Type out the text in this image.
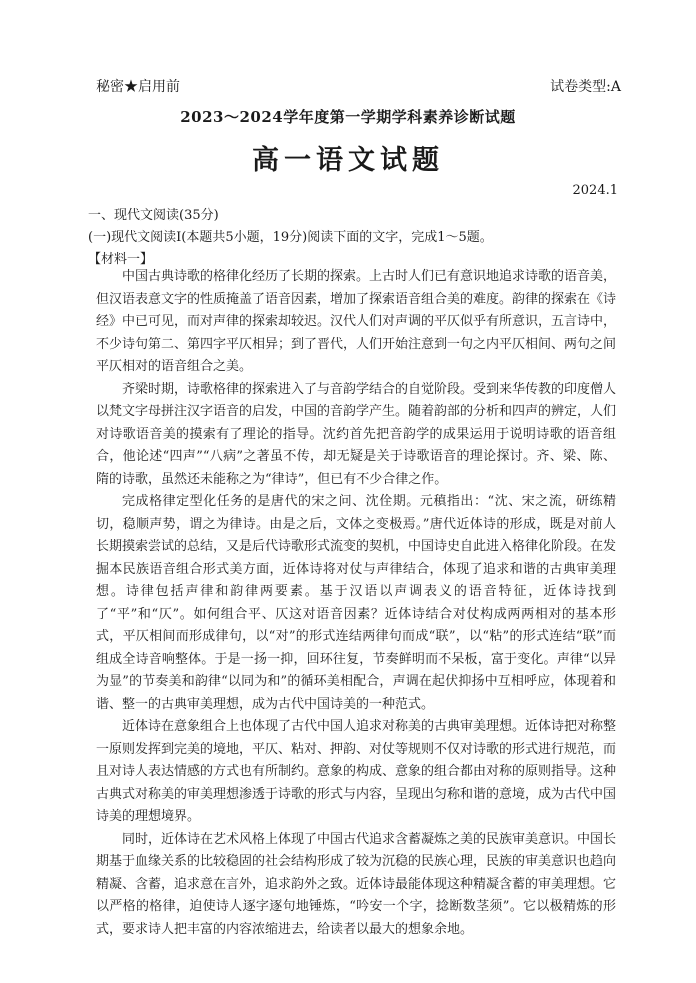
秘密★启用前	试卷类型:A
2023～2024学年度第一学期学科素养诊断试题
高一语文试题
2024.1
一、现代文阅读(35分)
(一)现代文阅读Ⅰ(本题共5小题，19分)阅读下面的文字，完成1～5题。
【材料一】

中国古典诗歌的格律化经历了长期的探索。上古时人们已有意识地追求诗歌的语音美，但汉语表意文字的性质掩盖了语音因素，增加了探索语音组合美的难度。韵律的探索在《诗经》中已可见，而对声律的探索却较迟。汉代人们对声调的平仄似乎有所意识，五言诗中，不少诗句第二、第四字平仄相异；到了晋代，人们开始注意到一句之内平仄相间、两句之间平仄相对的语音组合之美。

齐梁时期，诗歌格律的探索进入了与音韵学结合的自觉阶段。受到来华传教的印度僧人以梵文字母拼注汉字语音的启发，中国的音韵学产生。随着韵部的分析和四声的辨定，人们对诗歌语音美的摸索有了理论的指导。沈约首先把音韵学的成果运用于说明诗歌的语音组合，他论述“四声”“八病”之著虽不传，却无疑是关于诗歌语音的理论探讨。齐、梁、陈、隋的诗歌，虽然还未能称之为“律诗”，但已有不少合律之作。

完成格律定型化任务的是唐代的宋之问、沈佺期。元稹指出：“沈、宋之流，研练精切，稳顺声势，谓之为律诗。由是之后，文体之变极焉。”唐代近体诗的形成，既是对前人长期摸索尝试的总结，又是后代诗歌形式流变的契机，中国诗史自此进入格律化阶段。在发掘本民族语音组合形式美方面，近体诗将对仗与声律结合，体现了追求和谐的古典审美理想。诗律包括声律和韵律两要素。基于汉语以声调表义的语音特征，近体诗找到了“平”和“仄”。如何组合平、仄这对语音因素？近体诗结合对仗构成两两相对的基本形式，平仄相间而形成律句，以“对”的形式连结两律句而成“联”，以“粘”的形式连结“联”而组成全诗音响整体。于是一扬一抑，回环往复，节奏鲜明而不呆板，富于变化。声律“以异为显”的节奏美和韵律“以同为和”的循环美相配合，声调在起伏抑扬中互相呼应，体现着和谐、整一的古典审美理想，成为古代中国诗美的一种范式。

近体诗在意象组合上也体现了古代中国人追求对称美的古典审美理想。近体诗把对称整一原则发挥到完美的境地，平仄、粘对、押韵、对仗等规则不仅对诗歌的形式进行规范，而且对诗人表达情感的方式也有所制约。意象的构成、意象的组合都由对称的原则指导。这种古典式对称美的审美理想渗透于诗歌的形式与内容，呈现出匀称和谐的意境，成为古代中国诗美的理想境界。

同时，近体诗在艺术风格上体现了中国古代追求含蓄凝炼之美的民族审美意识。中国长期基于血缘关系的比较稳固的社会结构形成了较为沉稳的民族心理，民族的审美意识也趋向精凝、含蓄，追求意在言外，追求韵外之致。近体诗最能体现这种精凝含蓄的审美理想。它以严格的格律，迫使诗人逐字逐句地锤炼，“吟安一个字，捻断数茎须”。它以极精炼的形式，要求诗人把丰富的内容浓缩进去，给读者以最大的想象余地。
